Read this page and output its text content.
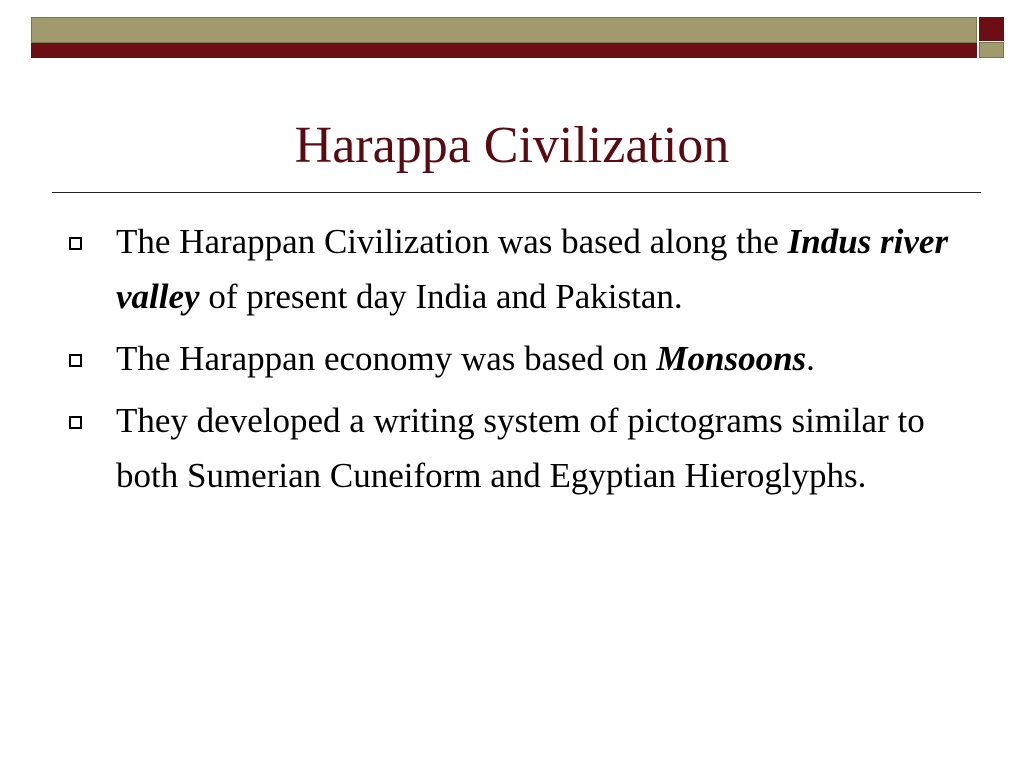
Harappa Civilization
The Harappan Civilization was based along the Indus river valley of present day India and Pakistan.
The Harappan economy was based on Monsoons.
They developed a writing system of pictograms similar to both Sumerian Cuneiform and Egyptian Hieroglyphs.
